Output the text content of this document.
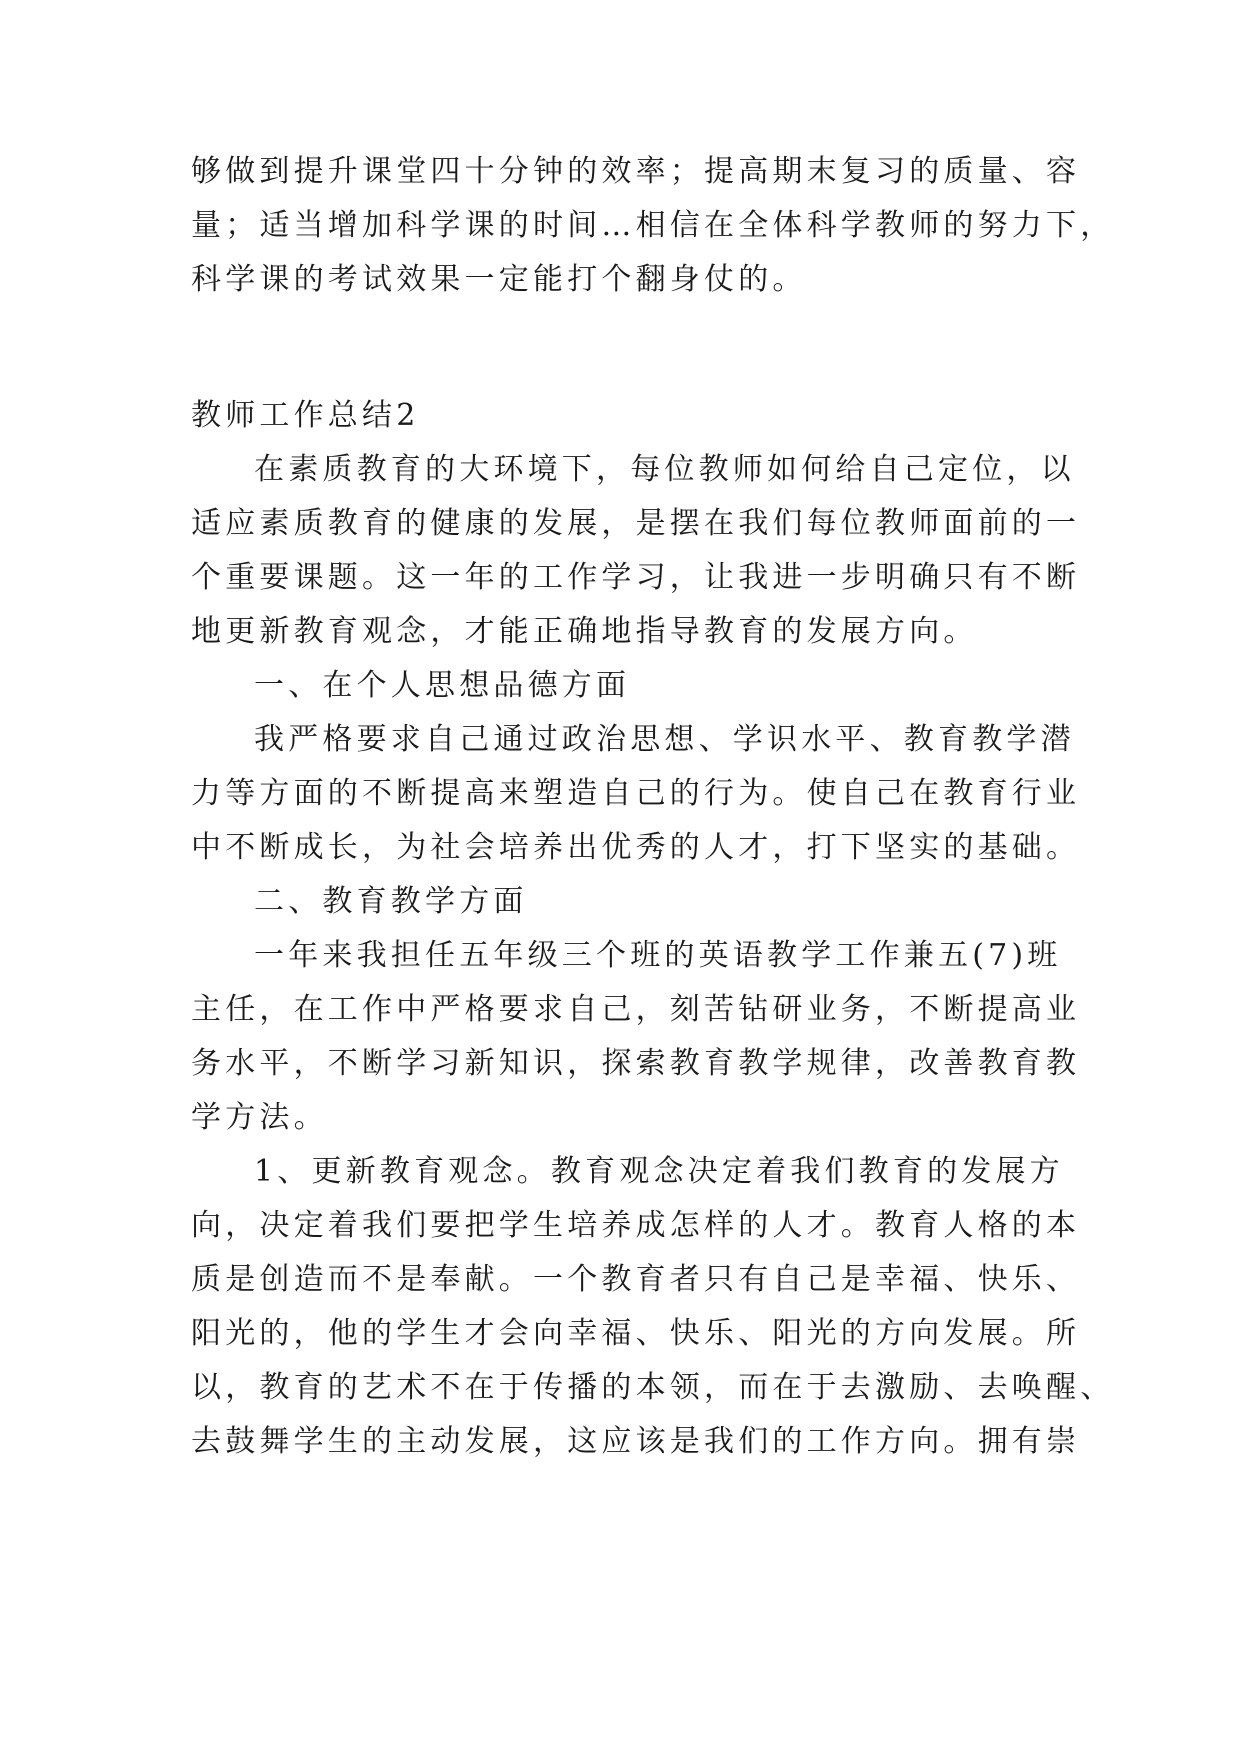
够做到提升课堂四十分钟的效率；提高期末复习的质量、容
量；适当增加科学课的时间…相信在全体科学教师的努力下，
科学课的考试效果一定能打个翻身仗的。
教师工作总结2
在素质教育的大环境下，每位教师如何给自己定位，以
适应素质教育的健康的发展，是摆在我们每位教师面前的一
个重要课题。这一年的工作学习，让我进一步明确只有不断
地更新教育观念，才能正确地指导教育的发展方向。
一、在个人思想品德方面
我严格要求自己通过政治思想、学识水平、教育教学潜
力等方面的不断提高来塑造自己的行为。使自己在教育行业
中不断成长，为社会培养出优秀的人才，打下坚实的基础。
二、教育教学方面
一年来我担任五年级三个班的英语教学工作兼五(7)班
主任，在工作中严格要求自己，刻苦钻研业务，不断提高业
务水平，不断学习新知识，探索教育教学规律，改善教育教
学方法。
1、更新教育观念。教育观念决定着我们教育的发展方
向，决定着我们要把学生培养成怎样的人才。教育人格的本
质是创造而不是奉献。一个教育者只有自己是幸福、快乐、
阳光的，他的学生才会向幸福、快乐、阳光的方向发展。所
以，教育的艺术不在于传播的本领，而在于去激励、去唤醒、
去鼓舞学生的主动发展，这应该是我们的工作方向。拥有崇
